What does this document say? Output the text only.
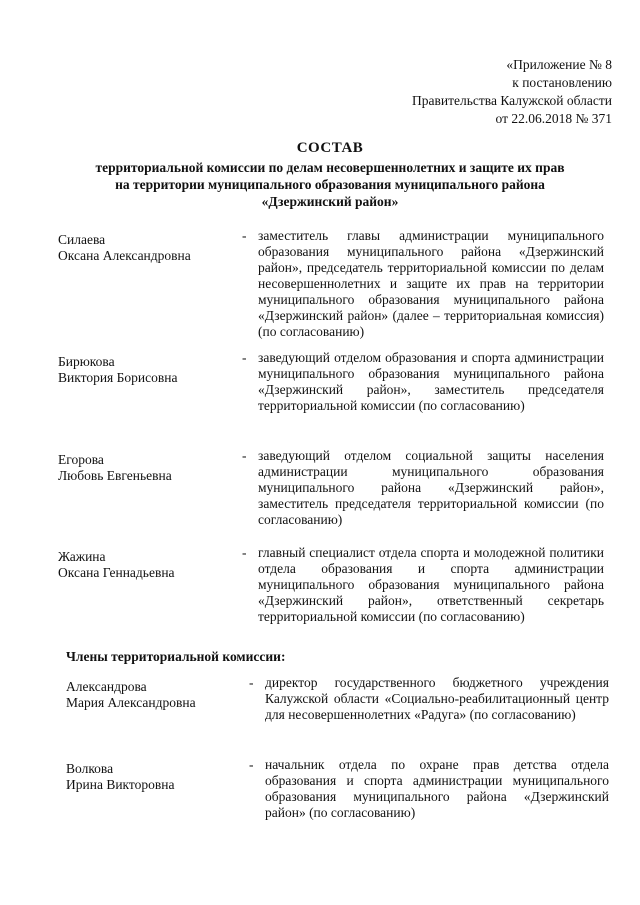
«Приложение № 8
к постановлению
Правительства Калужской области
от 22.06.2018 № 371
СОСТАВ
территориальной комиссии по делам несовершеннолетних и защите их прав
на территории муниципального образования муниципального района
«Дзержинский район»
Силаева
Оксана Александровна
- заместитель главы администрации муниципального образования муниципального района «Дзержинский район», председатель территориальной комиссии по делам несовершеннолетних и защите их прав на территории муниципального образования муниципального района «Дзержинский район» (далее – территориальная комиссия) (по согласованию)
Бирюкова
Виктория Борисовна
- заведующий отделом образования и спорта администрации муниципального образования муниципального района «Дзержинский район», заместитель председателя территориальной комиссии (по согласованию)
Егорова
Любовь Евгеньевна
- заведующий отделом социальной защиты населения администрации муниципального образования муниципального района «Дзержинский район», заместитель председателя территориальной комиссии (по согласованию)
Жажина
Оксана Геннадьевна
- главный специалист отдела спорта и молодежной политики отдела образования и спорта администрации муниципального образования муниципального района «Дзержинский район», ответственный секретарь территориальной комиссии (по согласованию)
Члены территориальной комиссии:
Александрова
Мария Александровна
- директор государственного бюджетного учреждения Калужской области «Социально-реабилитационный центр для несовершеннолетних «Радуга» (по согласованию)
Волкова
Ирина Викторовна
- начальник отдела по охране прав детства отдела образования и спорта администрации муниципального образования муниципального района «Дзержинский район» (по согласованию)
